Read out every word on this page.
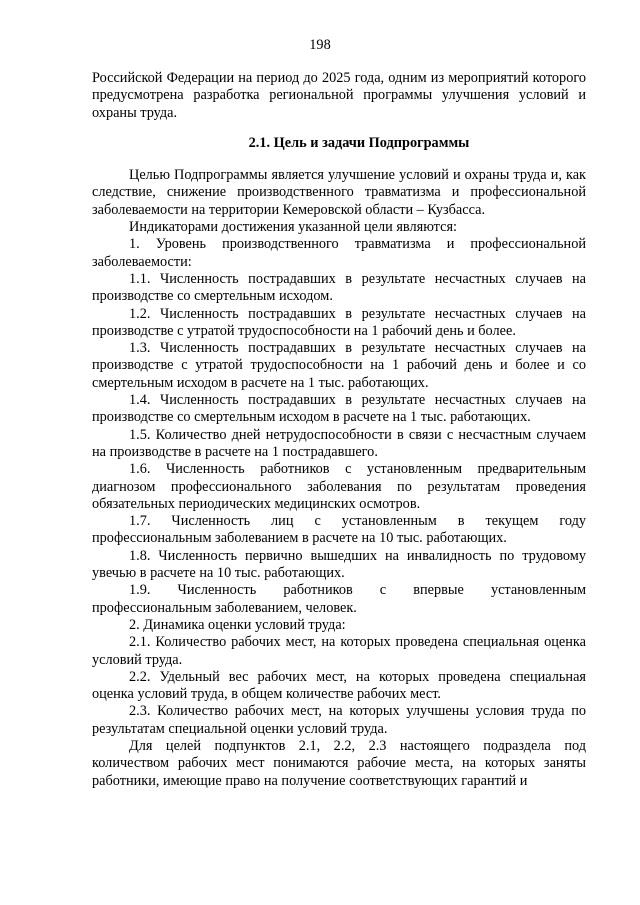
198

Российской Федерации на период до 2025 года, одним из мероприятий которого предусмотрена разработка региональной программы улучшения условий и охраны труда.

2.1. Цель и задачи Подпрограммы

Целью Подпрограммы является улучшение условий и охраны труда и, как следствие, снижение производственного травматизма и профессиональной заболеваемости на территории Кемеровской области – Кузбасса.

Индикаторами достижения указанной цели являются:

1. Уровень производственного травматизма и профессиональной заболеваемости:

1.1. Численность пострадавших в результате несчастных случаев на производстве со смертельным исходом.

1.2. Численность пострадавших в результате несчастных случаев на производстве с утратой трудоспособности на 1 рабочий день и более.

1.3. Численность пострадавших в результате несчастных случаев на производстве с утратой трудоспособности на 1 рабочий день и более и со смертельным исходом в расчете на 1 тыс. работающих.

1.4. Численность пострадавших в результате несчастных случаев на производстве со смертельным исходом в расчете на 1 тыс. работающих.

1.5. Количество дней нетрудоспособности в связи с несчастным случаем на производстве в расчете на 1 пострадавшего.

1.6. Численность работников с установленным предварительным диагнозом профессионального заболевания по результатам проведения обязательных периодических медицинских осмотров.

1.7. Численность лиц с установленным в текущем году профессиональным заболеванием в расчете на 10 тыс. работающих.

1.8. Численность первично вышедших на инвалидность по трудовому увечью в расчете на 10 тыс. работающих.

1.9. Численность работников с впервые установленным профессиональным заболеванием, человек.

2. Динамика оценки условий труда:

2.1. Количество рабочих мест, на которых проведена специальная оценка условий труда.

2.2. Удельный вес рабочих мест, на которых проведена специальная оценка условий труда, в общем количестве рабочих мест.

2.3. Количество рабочих мест, на которых улучшены условия труда по результатам специальной оценки условий труда.

Для целей подпунктов 2.1, 2.2, 2.3 настоящего подраздела под количеством рабочих мест понимаются рабочие места, на которых заняты работники, имеющие право на получение соответствующих гарантий и
